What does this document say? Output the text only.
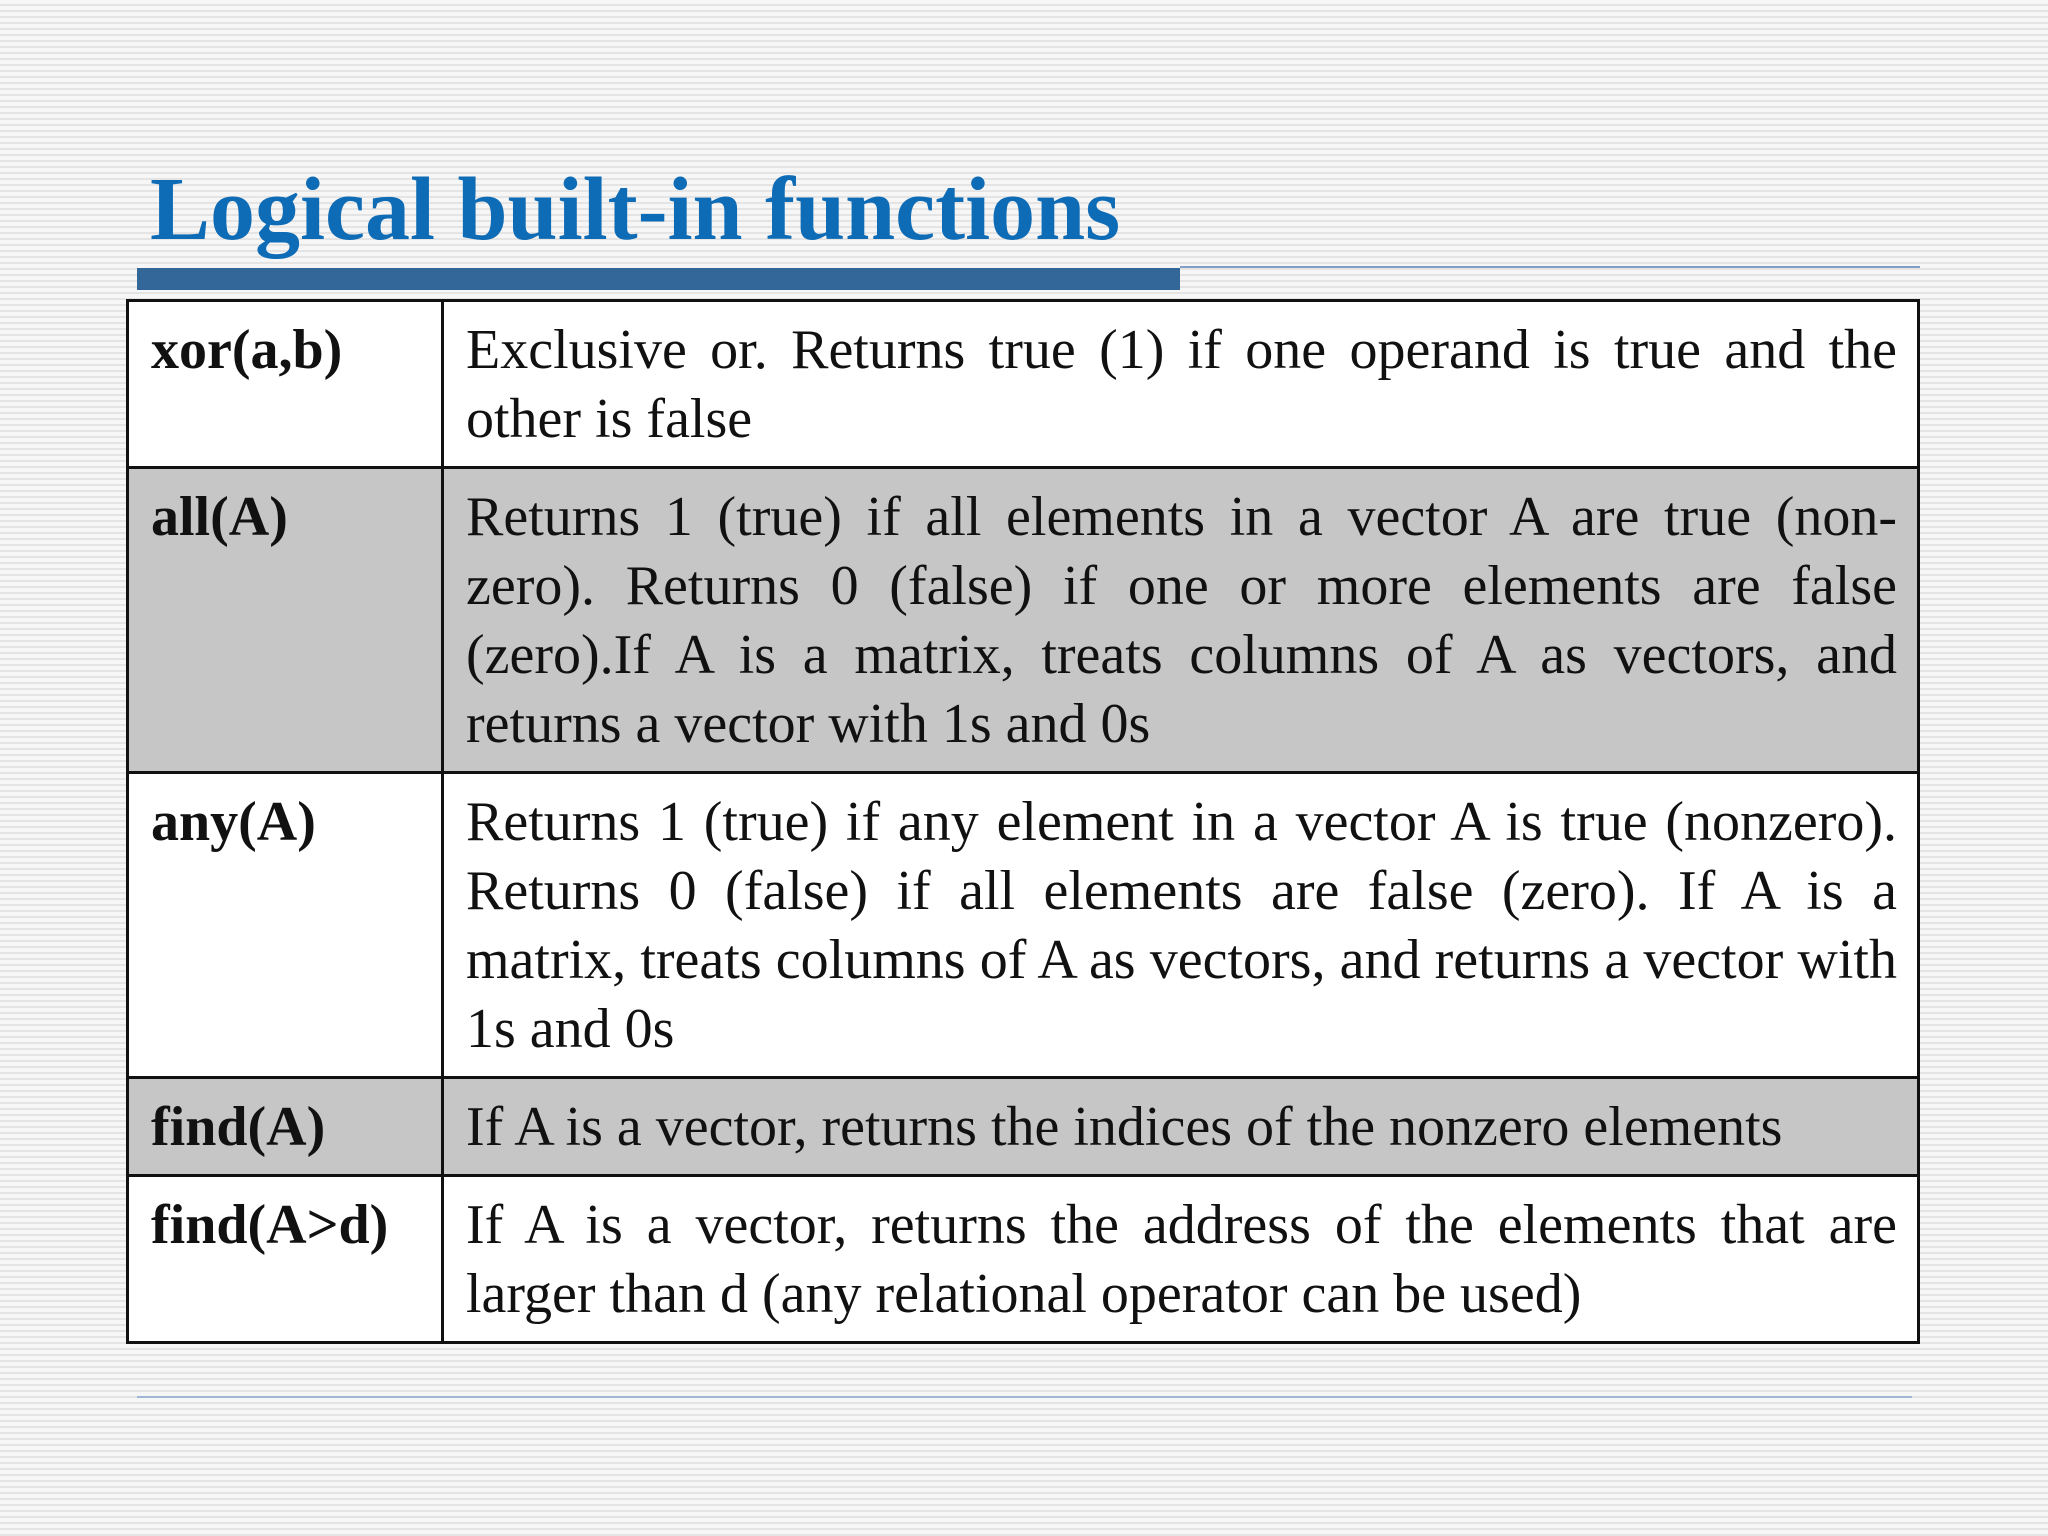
Logical built-in functions
xor(a,b)	Exclusive or. Returns true (1) if one operand is true and the other is false
all(A)	Returns 1 (true) if all elements in a vector A are true (non- zero). Returns 0 (false) if one or more elements are false (zero).If A is a matrix, treats columns of A as vectors, and returns a vector with 1s and 0s
any(A)	Returns 1 (true) if any element in a vector A is true (nonzero). Returns 0 (false) if all elements are false (zero). If A is a matrix, treats columns of A as vectors, and returns a vector with 1s and 0s
find(A)	If A is a vector, returns the indices of the nonzero elements
find(A>d)	If A is a vector, returns the address of the elements that are larger than d (any relational operator can be used)
